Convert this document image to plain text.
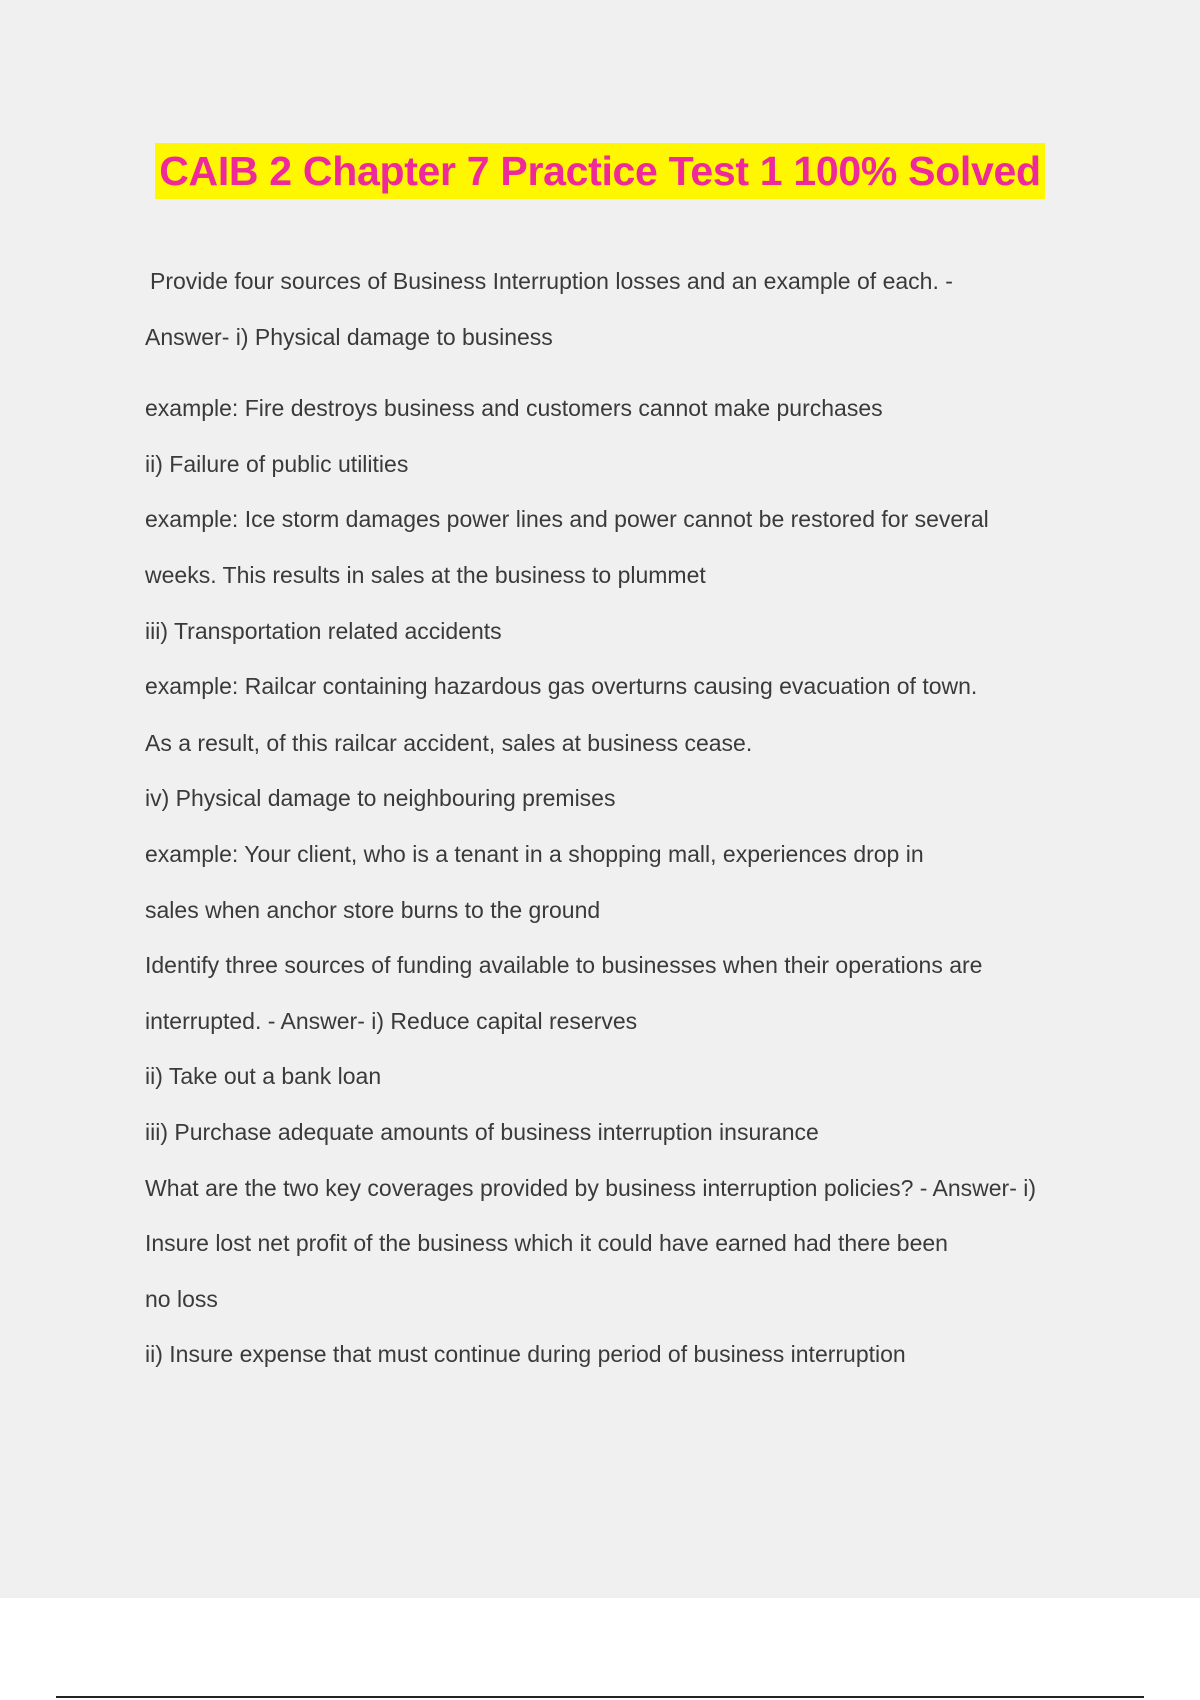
CAIB 2 Chapter 7 Practice Test 1 100% Solved

Provide four sources of Business Interruption losses and an example of each. -

Answer- i) Physical damage to business

example: Fire destroys business and customers cannot make purchases

ii) Failure of public utilities

example: Ice storm damages power lines and power cannot be restored for several

weeks. This results in sales at the business to plummet

iii) Transportation related accidents

example: Railcar containing hazardous gas overturns causing evacuation of town.

As a result, of this railcar accident, sales at business cease.

iv) Physical damage to neighbouring premises

example: Your client, who is a tenant in a shopping mall, experiences drop in

sales when anchor store burns to the ground

Identify three sources of funding available to businesses when their operations are

interrupted. - Answer- i) Reduce capital reserves

ii) Take out a bank loan

iii) Purchase adequate amounts of business interruption insurance

What are the two key coverages provided by business interruption policies? - Answer- i)

Insure lost net profit of the business which it could have earned had there been

no loss

ii) Insure expense that must continue during period of business interruption
